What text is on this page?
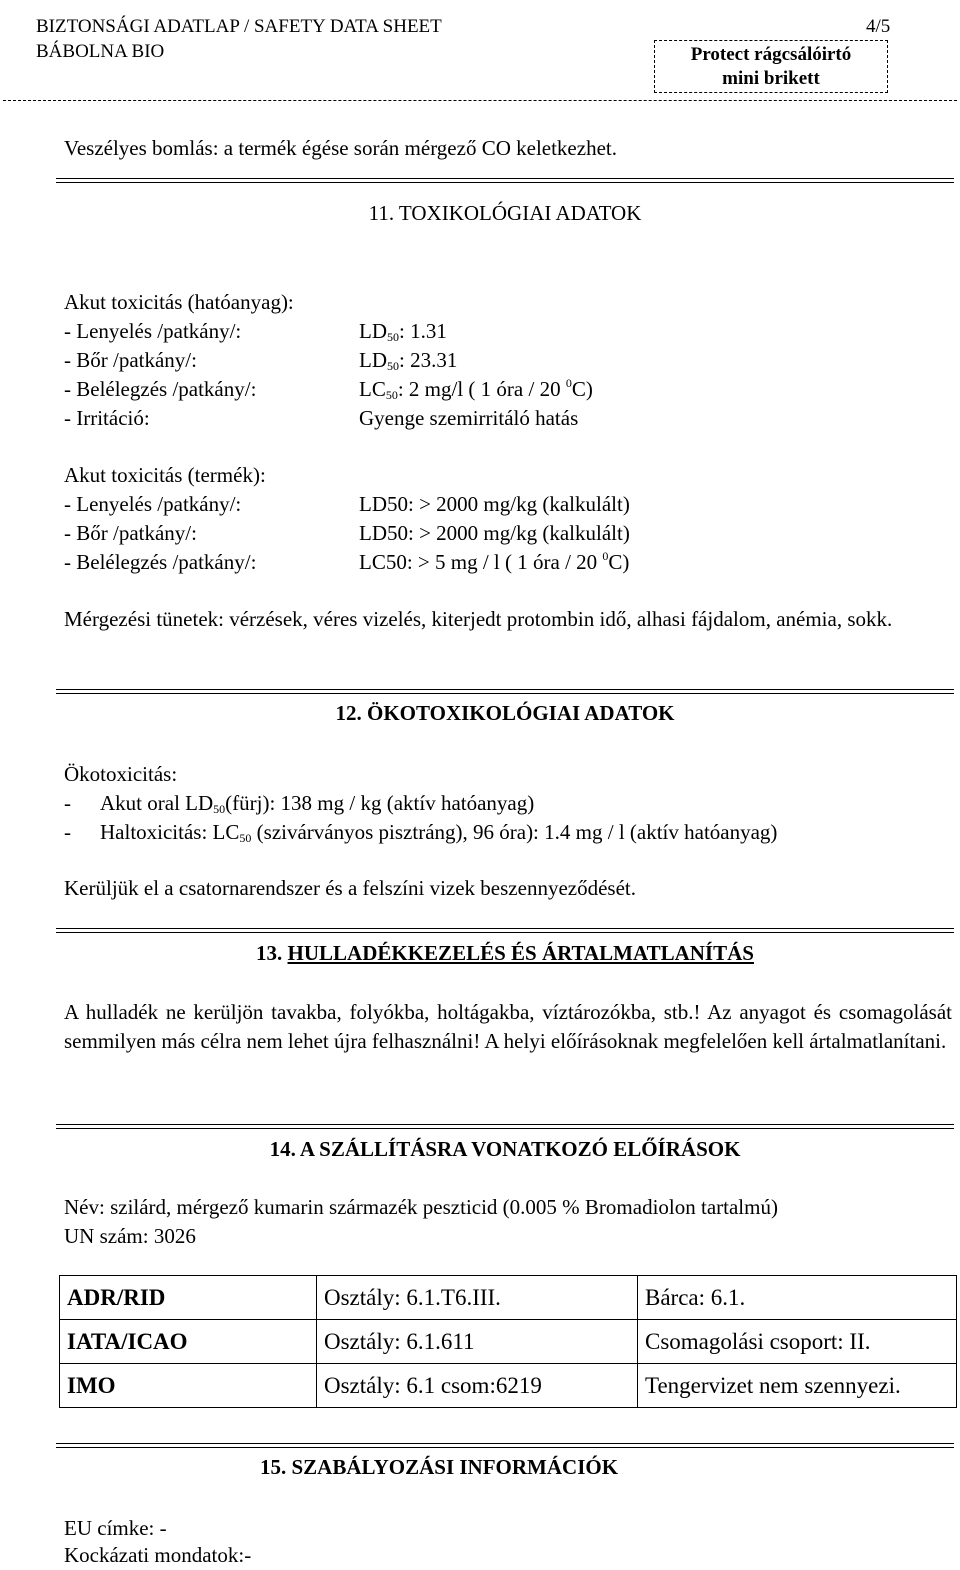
BIZTONSÁGI ADATLAP / SAFETY DATA SHEET	4/5
BÁBOLNA BIO	Protect rágcsálóirtó
mini brikett
Veszélyes bomlás: a termék égése során mérgező CO keletkezhet.
11. TOXIKOLÓGIAI ADATOK
Akut toxicitás (hatóanyag):
- Lenyelés /patkány/:	$LD_{50}$: 1.31
- Bőr /patkány/:	$LD_{50}$: 23.31
- Belélegzés /patkány/:	$LC_{50}$: 2 mg/l ( 1 óra / 20 $^0$C)
- Irritáció:	Gyenge szemirritáló hatás
Akut toxicitás (termék):
- Lenyelés /patkány/:	LD50: > 2000 mg/kg (kalkulált)
- Bőr /patkány/:	LD50: > 2000 mg/kg (kalkulált)
- Belélegzés /patkány/:	LC50: > 5 mg / l ( 1 óra / 20 $^0$C)
Mérgezési tünetek: vérzések, véres vizelés, kiterjedt protombin idő, alhasi fájdalom, anémia, sokk.
12. ÖKOTOXIKOLÓGIAI ADATOK
Ökotoxicitás:
- Akut oral $LD_{50}(fürj)$: 138 mg / kg (aktív hatóanyag)
- Haltoxicitás: $LC_{50}$ (szivárványos pisztráng), 96 óra): 1.4 mg / l (aktív hatóanyag)
Kerüljük el a csatornarendszer és a felszíni vizek beszennyeződését.
13. HULLADÉKKEZELÉS ÉS ÁRTALMATLANÍTÁS
A hulladék ne kerüljön tavakba, folyókba, holtágakba, víztározókba, stb.! Az anyagot és csomagolását semmilyen más célra nem lehet újra felhasználni! A helyi előírásoknak megfelelően kell ártalmatlanítani.
14. A SZÁLLÍTÁSRA VONATKOZÓ ELŐÍRÁSOK
Név: szilárd, mérgező kumarin származék peszticid (0.005 % Bromadiolon tartalmú)
UN szám: 3026
ADR/RID	Osztály: 6.1.T6.III.	Bárca: 6.1.
IATA/ICAO	Osztály: 6.1.611	Csomagolási csoport: II.
IMO	Osztály: 6.1 csom:6219	Tengervizet nem szennyezi.
15. SZABÁLYOZÁSI INFORMÁCIÓK
EU címke: -
Kockázati mondatok:-
